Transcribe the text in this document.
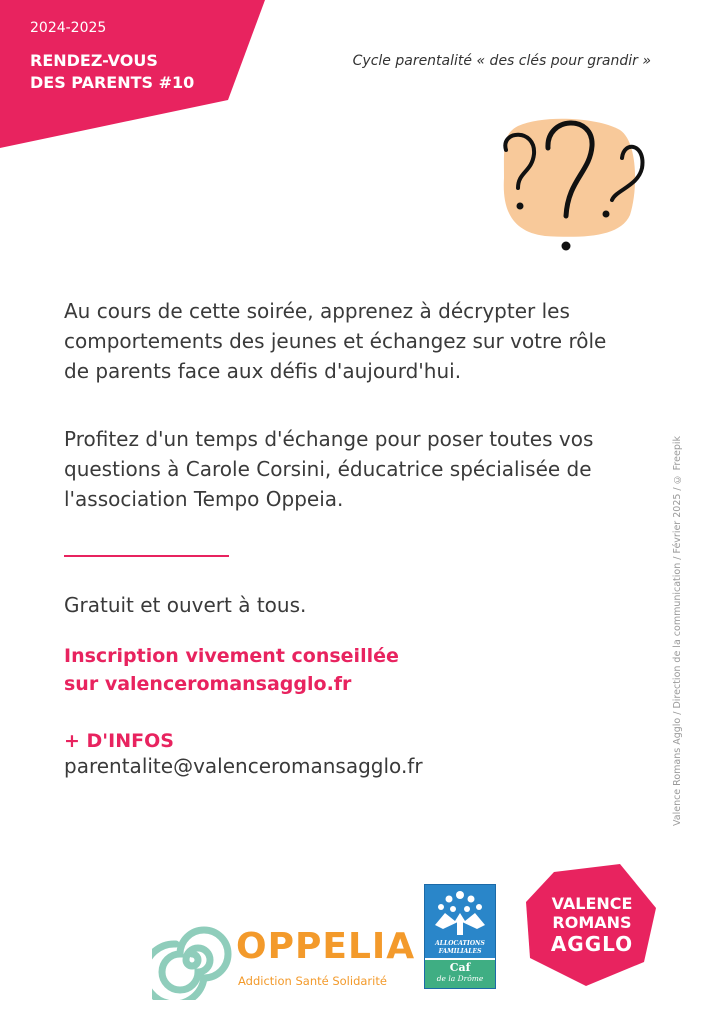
2024-2025
RENDEZ-VOUS
DES PARENTS #10
Cycle parentalité « des clés pour grandir »

Au cours de cette soirée, apprenez à décrypter les comportements des jeunes et échangez sur votre rôle de parents face aux défis d'aujourd'hui.

Profitez d'un temps d'échange pour poser toutes vos questions à Carole Corsini, éducatrice spécialisée de l'association Tempo Oppeia.

Gratuit et ouvert à tous.

Inscription vivement conseillée
sur valenceromansagglo.fr
+ D'INFOS
parentalite@valenceromansagglo.fr	Valence Romans Agglo / Direction de la communication / Février 2025 / © Freepik
OPPELIA
Addiction Santé Solidarité
ALLOCATIONS
FAMILIALES
Caf
de la Drôme
VALENCE
ROMANS
AGGLO
